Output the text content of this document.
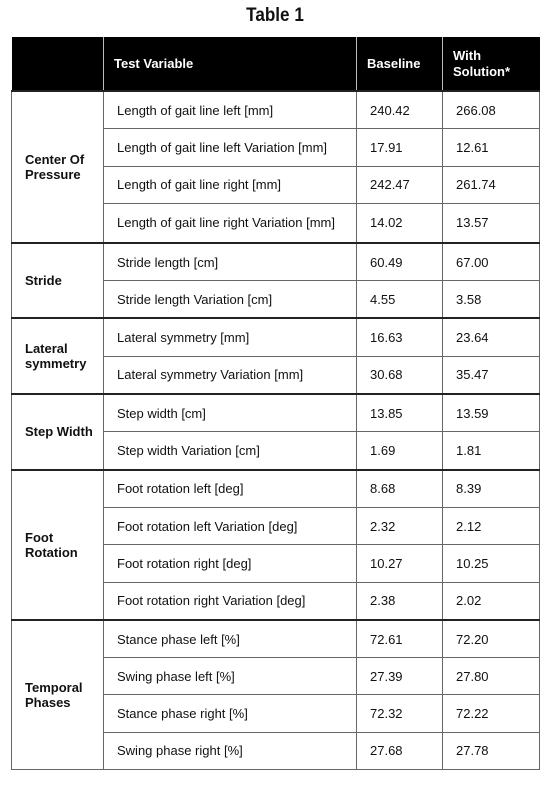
Table 1
	Test Variable	Baseline	With Solution*
Center Of Pressure	Length of gait line left [mm]	240.42	266.08
	Length of gait line left Variation [mm]	17.91	12.61
	Length of gait line right [mm]	242.47	261.74
	Length of gait line right Variation [mm]	14.02	13.57
Stride	Stride length [cm]	60.49	67.00
	Stride length Variation [cm]	4.55	3.58
Lateral symmetry	Lateral symmetry [mm]	16.63	23.64
	Lateral symmetry Variation [mm]	30.68	35.47
Step Width	Step width [cm]	13.85	13.59
	Step width Variation [cm]	1.69	1.81
Foot Rotation	Foot rotation left [deg]	8.68	8.39
	Foot rotation left Variation [deg]	2.32	2.12
	Foot rotation right [deg]	10.27	10.25
	Foot rotation right Variation [deg]	2.38	2.02
Temporal Phases	Stance phase left [%]	72.61	72.20
	Swing phase left [%]	27.39	27.80
	Stance phase right [%]	72.32	72.22
	Swing phase right [%]	27.68	27.78
